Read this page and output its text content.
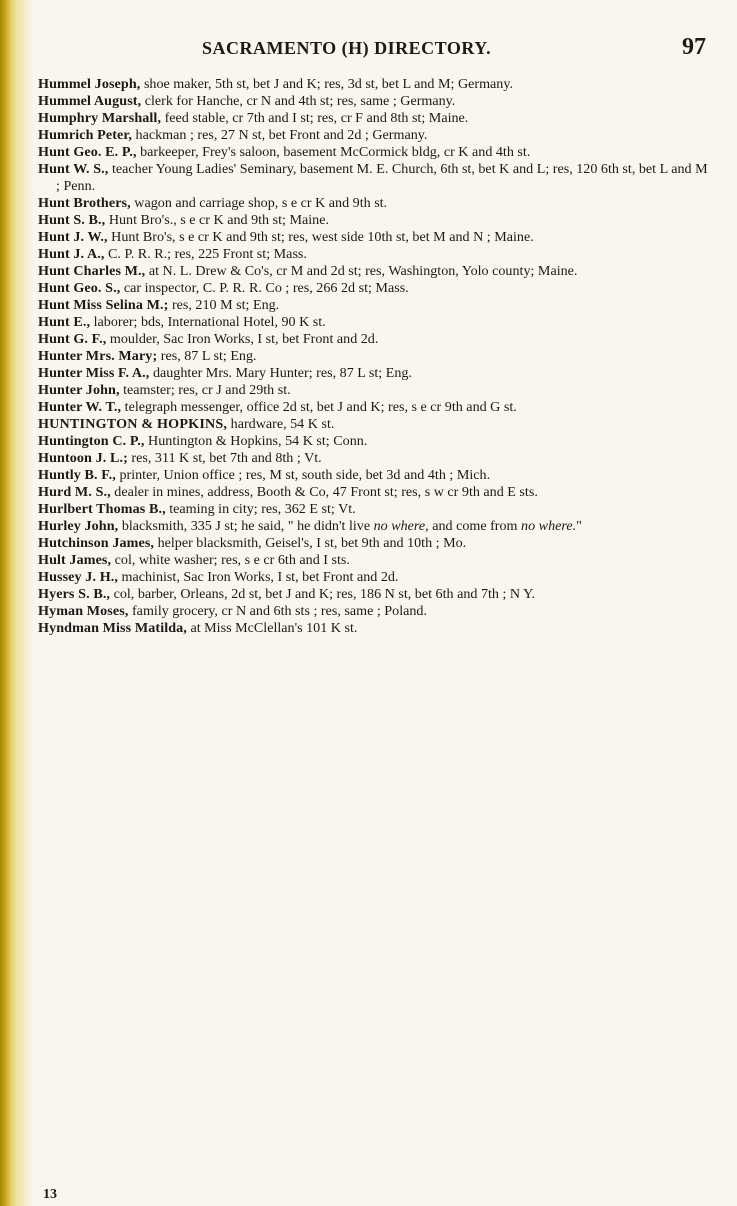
SACRAMENTO (H) DIRECTORY.	97

Hummel Joseph, shoe maker, 5th st, bet J and K; res, 3d st, bet L and M; Germany.

Hummel August, clerk for Hanche, cr N and 4th st; res, same ; Germany.

Humphry Marshall, feed stable, cr 7th and I st; res, cr F and 8th st; Maine.

Humrich Peter, hackman ; res, 27 N st, bet Front and 2d ; Germany.

Hunt Geo. E. P., barkeeper, Frey's saloon, basement McCormick bldg, cr K and 4th st.

Hunt W. S., teacher Young Ladies' Seminary, basement M. E. Church, 6th st, bet K and L; res, 120 6th st, bet L and M ; Penn.

Hunt Brothers, wagon and carriage shop, s e cr K and 9th st.

Hunt S. B., Hunt Bro's., s e cr K and 9th st; Maine.

Hunt J. W., Hunt Bro's, s e cr K and 9th st; res, west side 10th st, bet M and N ; Maine.

Hunt J. A., C. P. R. R.; res, 225 Front st; Mass.

Hunt Charles M., at N. L. Drew & Co's, cr M and 2d st; res, Washington, Yolo county; Maine.

Hunt Geo. S., car inspector, C. P. R. R. Co ; res, 266 2d st; Mass.

Hunt Miss Selina M.; res, 210 M st; Eng.

Hunt E., laborer; bds, International Hotel, 90 K st.

Hunt G. F., moulder, Sac Iron Works, I st, bet Front and 2d.

Hunter Mrs. Mary; res, 87 L st; Eng.

Hunter Miss F. A., daughter Mrs. Mary Hunter; res, 87 L st; Eng.

Hunter John, teamster; res, cr J and 29th st.

Hunter W. T., telegraph messenger, office 2d st, bet J and K; res, s e cr 9th and G st.

HUNTINGTON & HOPKINS, hardware, 54 K st.

Huntington C. P., Huntington & Hopkins, 54 K st; Conn.

Huntoon J. L.; res, 311 K st, bet 7th and 8th ; Vt.

Huntly B. F., printer, Union office ; res, M st, south side, bet 3d and 4th ; Mich.

Hurd M. S., dealer in mines, address, Booth & Co, 47 Front st; res, s w cr 9th and E sts.

Hurlbert Thomas B., teaming in city; res, 362 E st; Vt.

Hurley John, blacksmith, 335 J st; he said, " he didn't live no where, and come from no where."

Hutchinson James, helper blacksmith, Geisel's, I st, bet 9th and 10th ; Mo.

Hult James, col, white washer; res, s e cr 6th and I sts.

Hussey J. H., machinist, Sac Iron Works, I st, bet Front and 2d.

Hyers S. B., col, barber, Orleans, 2d st, bet J and K; res, 186 N st, bet 6th and 7th ; N Y.

Hyman Moses, family grocery, cr N and 6th sts ; res, same ; Poland.

Hyndman Miss Matilda, at Miss McClellan's 101 K st.

13
